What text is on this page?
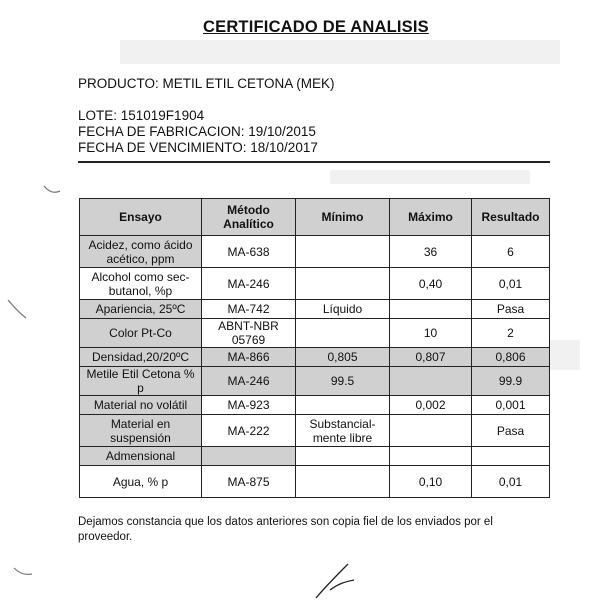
CERTIFICADO DE ANALISIS
PRODUCTO: METIL ETIL CETONA (MEK)
LOTE: 151019F1904
FECHA DE FABRICACION: 19/10/2015
FECHA DE VENCIMIENTO: 18/10/2017
Ensayo	Método Analítico	Mínimo	Máximo	Resultado
Acidez, como ácido acético, ppm	MA-638		36	6
Alcohol como sec-butanol, %p	MA-246		0,40	0,01
Apariencia, 25ºC	MA-742	Líquido		Pasa
Color Pt-Co	ABNT-NBR 05769		10	2
Densidad,20/20ºC	MA-866	0,805	0,807	0,806
Metile Etil Cetona % p	MA-246	99.5		99.9
Material no volátil	MA-923		0,002	0,001
Material en suspensión	MA-222	Substancial-mente libre		Pasa
Admensional				
Agua, % p	MA-875		0,10	0,01
Dejamos constancia que los datos anteriores son copia fiel de los enviados por el proveedor.
